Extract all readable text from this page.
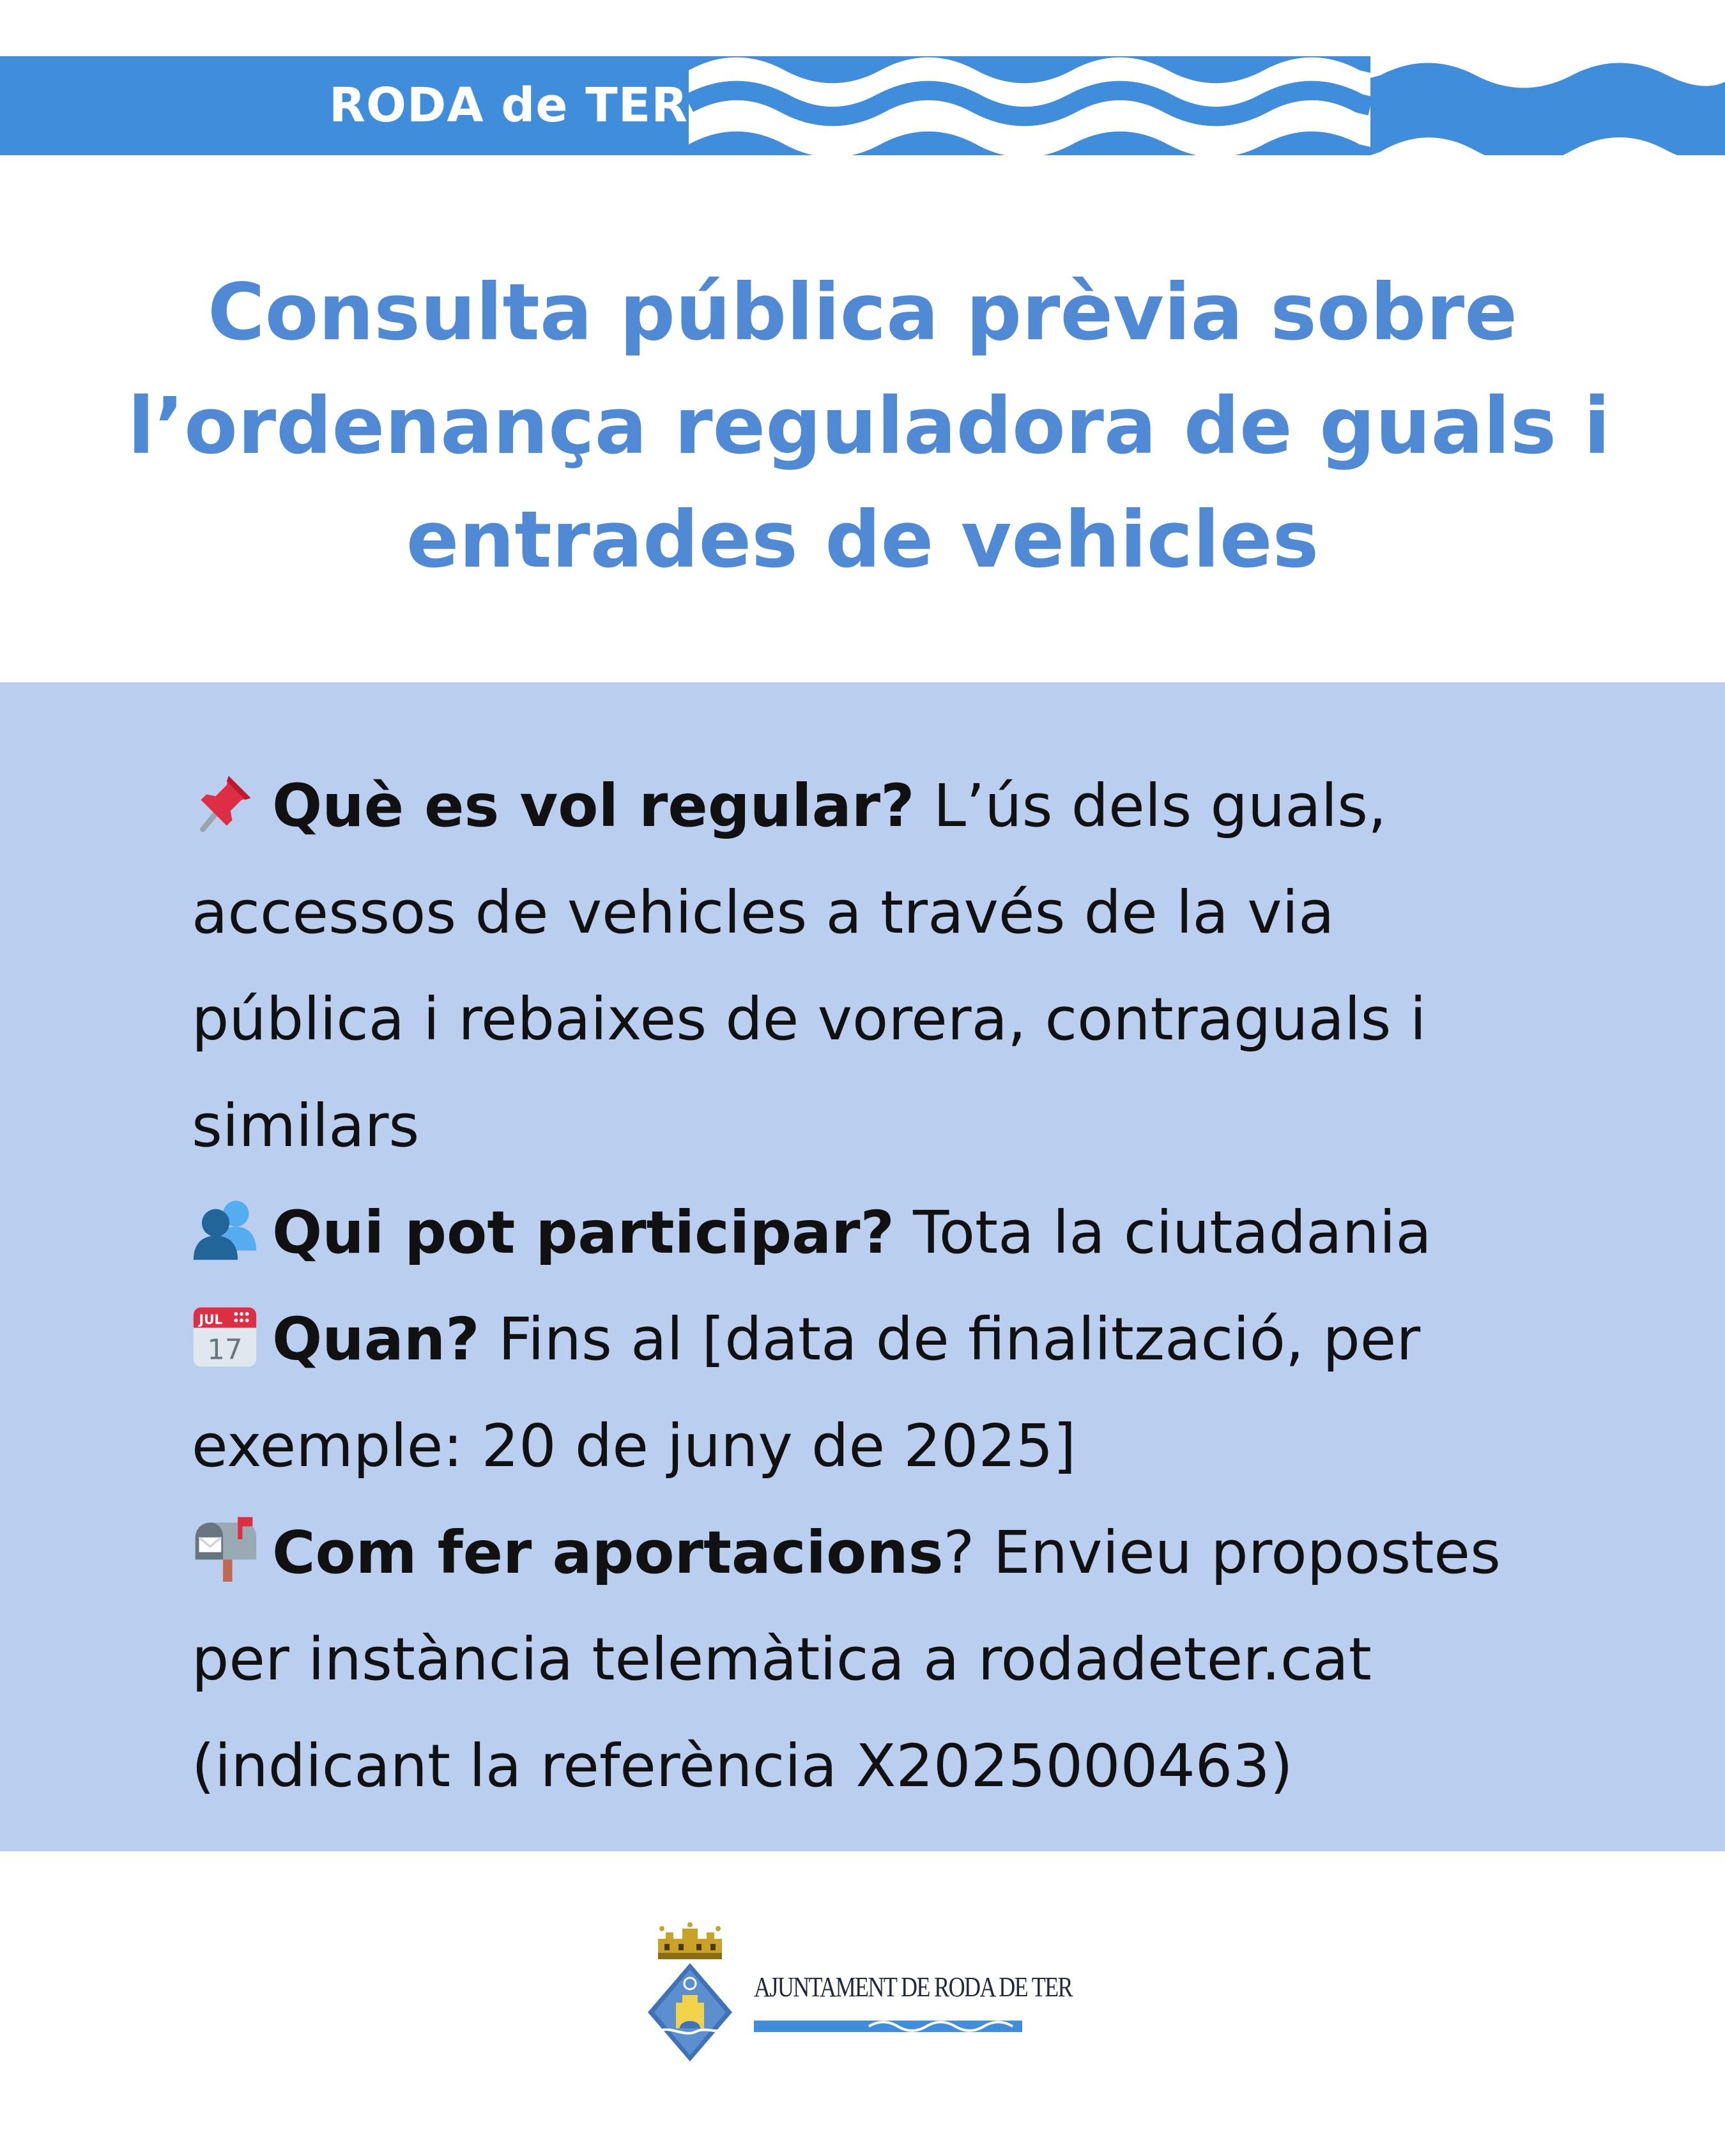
RODA de TER
Consulta pública prèvia sobre
l’ordenança reguladora de guals i
entrades de vehicles
Què es vol regular? L’ús dels guals,
accessos de vehicles a través de la via
pública i rebaixes de vorera, contraguals i
similars
Qui pot participar? Tota la ciutadania
JUL
17 Quan? Fins al [data de finalització, per
exemple: 20 de juny de 2025]
Com fer aportacions? Envieu propostes
per instància telemàtica a rodadeter.cat
(indicant la referència X2025000463)
AJUNTAMENT DE RODA DE TER
